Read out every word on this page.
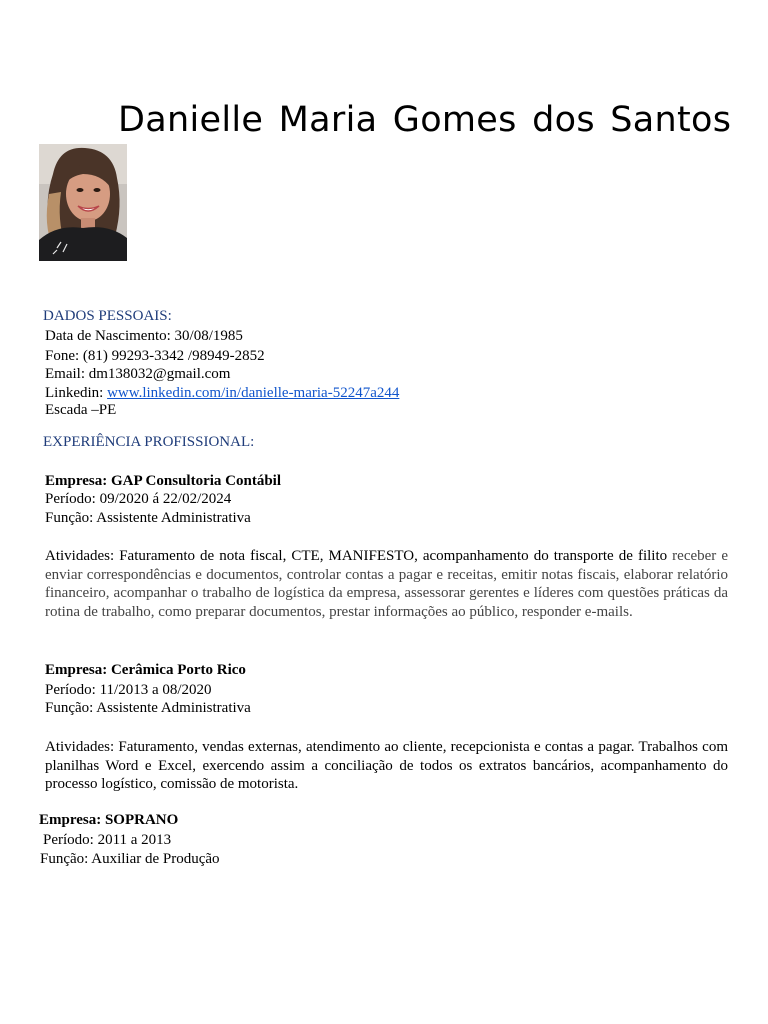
Danielle Maria Gomes dos Santos
DADOS PESSOAIS:
Data de Nascimento: 30/08/1985
Fone: (81) 99293-3342 /98949-2852
Email: dm138032@gmail.com
Linkedin: www.linkedin.com/in/danielle-maria-52247a244
Escada –PE
EXPERIÊNCIA PROFISSIONAL:
Empresa: GAP Consultoria Contábil
Período: 09/2020 á 22/02/2024
Função: Assistente Administrativa
Atividades: Faturamento de nota fiscal, CTE, MANIFESTO, acompanhamento do transporte de filito receber e enviar correspondências e documentos, controlar contas a pagar e receitas, emitir notas fiscais, elaborar relatório financeiro, acompanhar o trabalho de logística da empresa, assessorar gerentes e líderes com questões práticas da rotina de trabalho, como preparar documentos, prestar informações ao público, responder e-mails.
Empresa: Cerâmica Porto Rico
Período: 11/2013 a 08/2020
Função: Assistente Administrativa
Atividades: Faturamento, vendas externas, atendimento ao cliente, recepcionista e contas a pagar. Trabalhos com planilhas Word e Excel, exercendo assim a conciliação de todos os extratos bancários, acompanhamento do processo logístico, comissão de motorista.
Empresa: SOPRANO
Período: 2011 a 2013
Função: Auxiliar de Produção
